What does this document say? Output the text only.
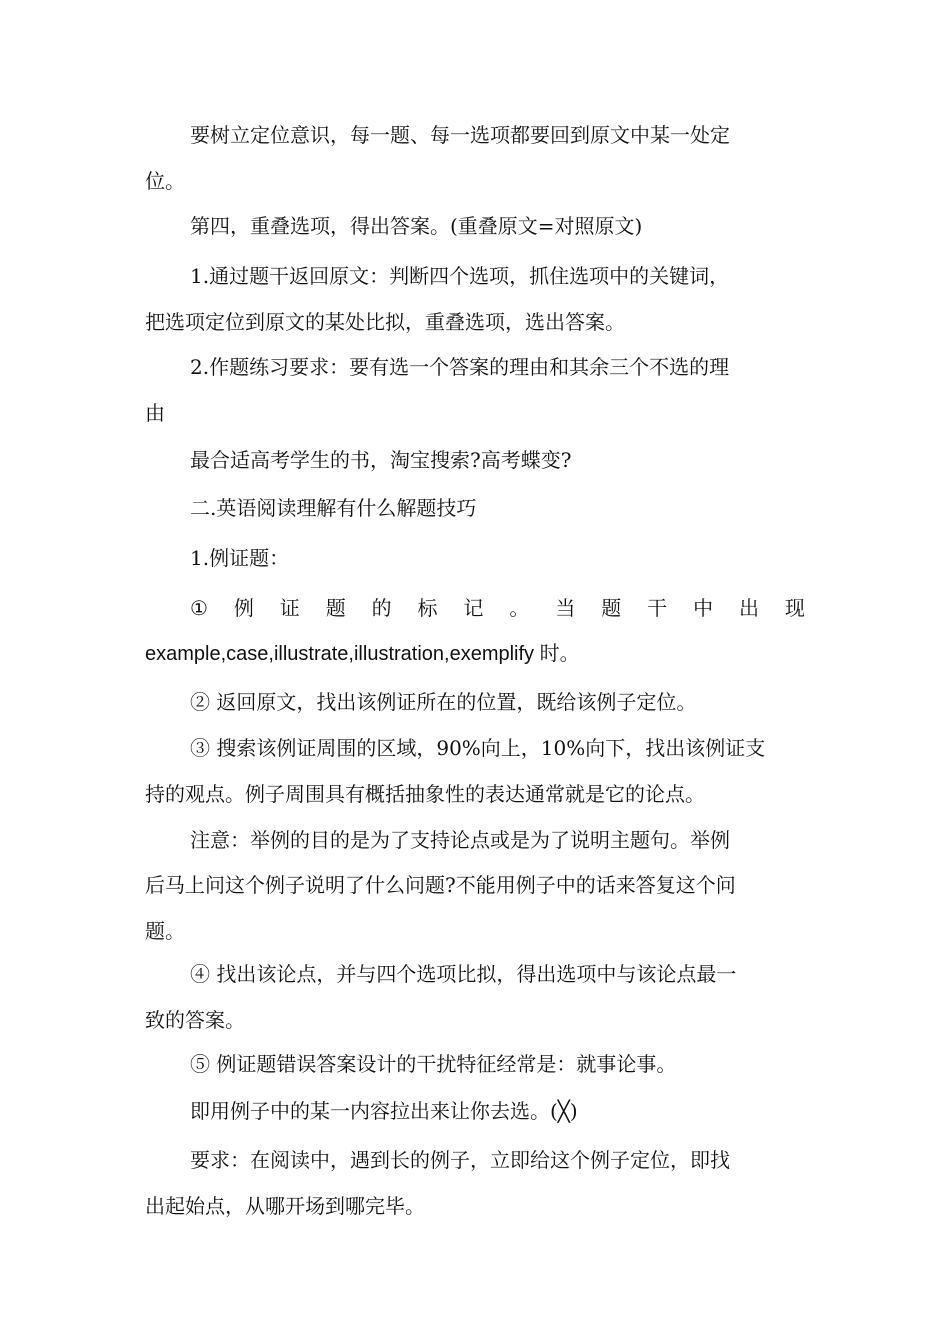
要树立定位意识，每一题、每一选项都要回到原文中某一处定
位。
第四，重叠选项，得出答案。(重叠原文=对照原文)
1.通过题干返回原文：判断四个选项，抓住选项中的关键词，
把选项定位到原文的某处比拟，重叠选项，选出答案。
2.作题练习要求：要有选一个答案的理由和其余三个不选的理
由
最合适高考学生的书，淘宝搜索?高考蝶变?
二.英语阅读理解有什么解题技巧
1.例证题：
① 例 证 题 的 标 记 。 当 题 干 中 出 现
example,case,illustrate,illustration,exemplify 时。
② 返回原文，找出该例证所在的位置，既给该例子定位。
③ 搜索该例证周围的区域，90%向上，10%向下，找出该例证支
持的观点。例子周围具有概括抽象性的表达通常就是它的论点。
注意：举例的目的是为了支持论点或是为了说明主题句。举例
后马上问这个例子说明了什么问题?不能用例子中的话来答复这个问
题。
④ 找出该论点，并与四个选项比拟，得出选项中与该论点最一
致的答案。
⑤ 例证题错误答案设计的干扰特征经常是：就事论事。
即用例子中的某一内容拉出来让你去选。(╳)
要求：在阅读中，遇到长的例子，立即给这个例子定位，即找
出起始点，从哪开场到哪完毕。
